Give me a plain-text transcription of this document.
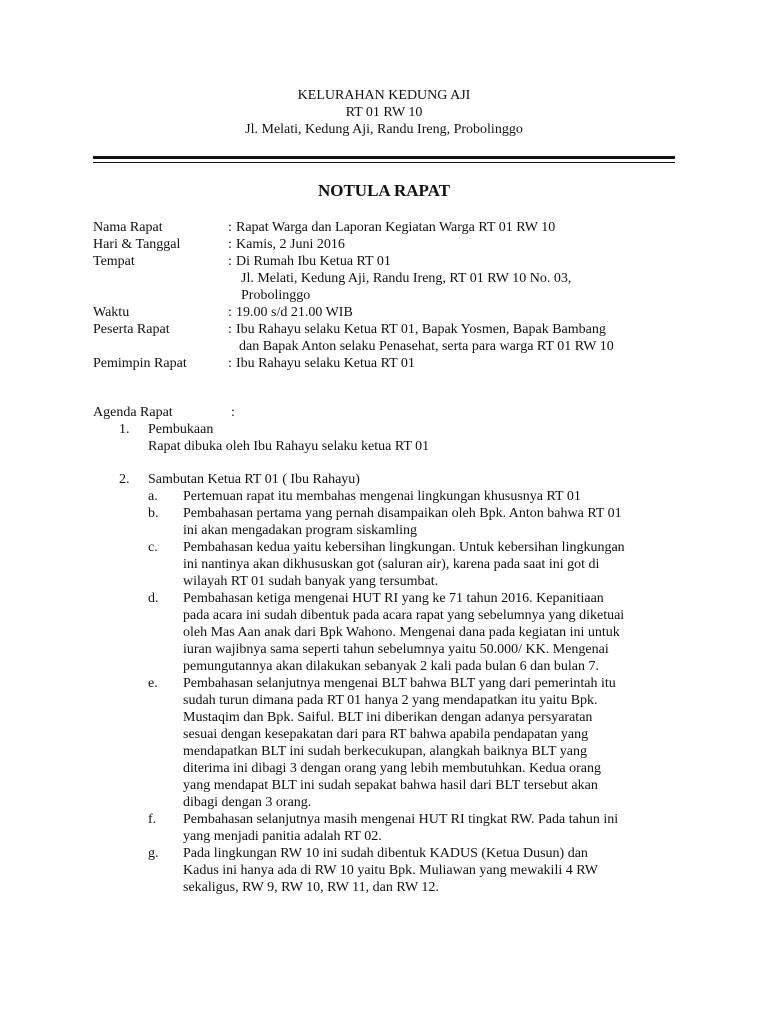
KELURAHAN KEDUNG AJI
RT 01 RW 10
Jl. Melati, Kedung Aji, Randu Ireng, Probolinggo
NOTULA RAPAT
Nama Rapat	: Rapat Warga dan Laporan Kegiatan Warga RT 01 RW 10
Hari & Tanggal	: Kamis, 2 Juni 2016
Tempat	: Di Rumah Ibu Ketua RT 01
Jl. Melati, Kedung Aji, Randu Ireng, RT 01 RW 10 No. 03,
Probolinggo
Waktu	: 19.00 s/d 21.00 WIB
Peserta Rapat	: Ibu Rahayu selaku Ketua RT 01, Bapak Yosmen, Bapak Bambang
dan Bapak Anton selaku Penasehat, serta para warga RT 01 RW 10
Pemimpin Rapat	: Ibu Rahayu selaku Ketua RT 01
Agenda Rapat	:
1. Pembukaan
Rapat dibuka oleh Ibu Rahayu selaku ketua RT 01
2. Sambutan Ketua RT 01 ( Ibu Rahayu)
a. Pertemuan rapat itu membahas mengenai lingkungan khususnya RT 01
b. Pembahasan pertama yang pernah disampaikan oleh Bpk. Anton bahwa RT 01
ini akan mengadakan program siskamling
c. Pembahasan kedua yaitu kebersihan lingkungan. Untuk kebersihan lingkungan
ini nantinya akan dikhususkan got (saluran air), karena pada saat ini got di
wilayah RT 01 sudah banyak yang tersumbat.
d. Pembahasan ketiga mengenai HUT RI yang ke 71 tahun 2016. Kepanitiaan
pada acara ini sudah dibentuk pada acara rapat yang sebelumnya yang diketuai
oleh Mas Aan anak dari Bpk Wahono. Mengenai dana pada kegiatan ini untuk
iuran wajibnya sama seperti tahun sebelumnya yaitu 50.000/ KK. Mengenai
pemungutannya akan dilakukan sebanyak 2 kali pada bulan 6 dan bulan 7.
e. Pembahasan selanjutnya mengenai BLT bahwa BLT yang dari pemerintah itu
sudah turun dimana pada RT 01 hanya 2 yang mendapatkan itu yaitu Bpk.
Mustaqim dan Bpk. Saiful. BLT ini diberikan dengan adanya persyaratan
sesuai dengan kesepakatan dari para RT bahwa apabila pendapatan yang
mendapatkan BLT ini sudah berkecukupan, alangkah baiknya BLT yang
diterima ini dibagi 3 dengan orang yang lebih membutuhkan. Kedua orang
yang mendapat BLT ini sudah sepakat bahwa hasil dari BLT tersebut akan
dibagi dengan 3 orang.
f. Pembahasan selanjutnya masih mengenai HUT RI tingkat RW. Pada tahun ini
yang menjadi panitia adalah RT 02.
g. Pada lingkungan RW 10 ini sudah dibentuk KADUS (Ketua Dusun) dan
Kadus ini hanya ada di RW 10 yaitu Bpk. Muliawan yang mewakili 4 RW
sekaligus, RW 9, RW 10, RW 11, dan RW 12.
